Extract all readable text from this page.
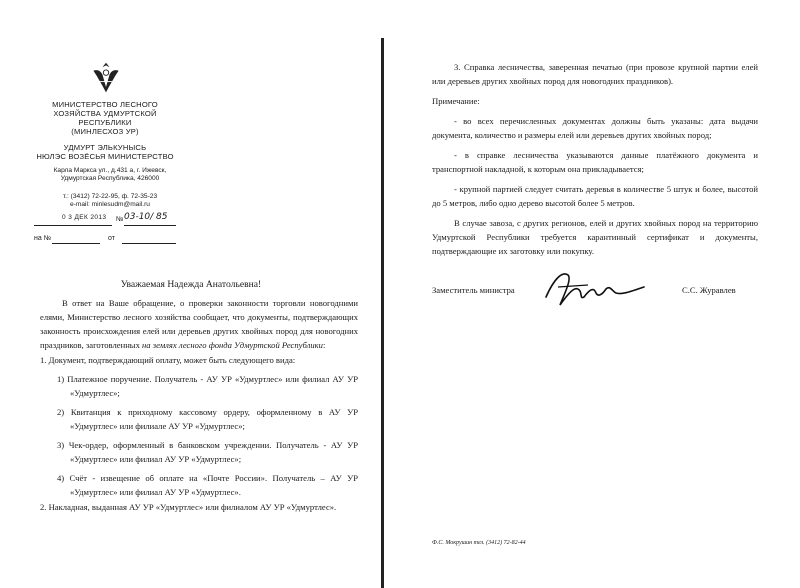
МИНИСТЕРСТВО ЛЕСНОГО
ХОЗЯЙСТВА УДМУРТСКОЙ
РЕСПУБЛИКИ
(МИНЛЕСХОЗ УР)
УДМУРТ ЭЛЬКУНЫСЬ
НЮЛЭС ВОЗЁСЬЯ МИНИСТЕРСТВО
Карла Маркса ул., д.431 а, г. Ижевск,
Удмуртская Республика, 426000
т.: (3412) 72-22-95, ф. 72-35-23
e-mail: minlesudm@mail.ru
0 3 ДЕК 2013 № 03-10/ 85
на №	от
Уважаемая Надежда Анатольевна!

В ответ на Ваше обращение, о проверки законности торговли новогодними елями, Министерство лесного хозяйства сообщает, что документы, подтверждающих законность происхождения елей или деревьев других хвойных пород для новогодних праздников, заготовленных на землях лесного фонда Удмуртской Республики:

1. Документ, подтверждающий оплату, может быть следующего вида:

1) Платежное поручение. Получатель - АУ УР «Удмуртлес» или филиал АУ УР «Удмуртлес»;

2) Квитанция к приходному кассовому ордеру, оформленному в АУ УР «Удмуртлес» или филиале АУ УР «Удмуртлес»;

3) Чек-ордер, оформленный в банковском учреждении. Получатель - АУ УР «Удмуртлес» или филиал АУ УР «Удмуртлес»;

4) Счёт - извещение об оплате на «Почте России». Получатель – АУ УР «Удмуртлес» или филиал АУ УР «Удмуртлес».

2. Накладная, выданная АУ УР «Удмуртлес» или филиалом АУ УР «Удмуртлес».

3. Справка лесничества, заверенная печатью (при провозе крупной партии елей или деревьев других хвойных пород для новогодних праздников).

Примечание:

- во всех перечисленных документах должны быть указаны: дата выдачи документа, количество и размеры елей или деревьев других хвойных пород;

- в справке лесничества указываются данные платёжного документа и транспортной накладной, к которым она прикладывается;

- крупной партией следует считать деревья в количестве 5 штук и более, высотой до 5 метров, либо одно дерево высотой более 5 метров.

В случае завоза, с других регионов, елей и других хвойных пород на территорию Удмуртской Республики требуется карантинный сертификат и документы, подтверждающие их заготовку или покупку.

Заместитель министра	С.С. Журавлев
Ф.С. Мокрушин тел. (3412) 72-82-44
